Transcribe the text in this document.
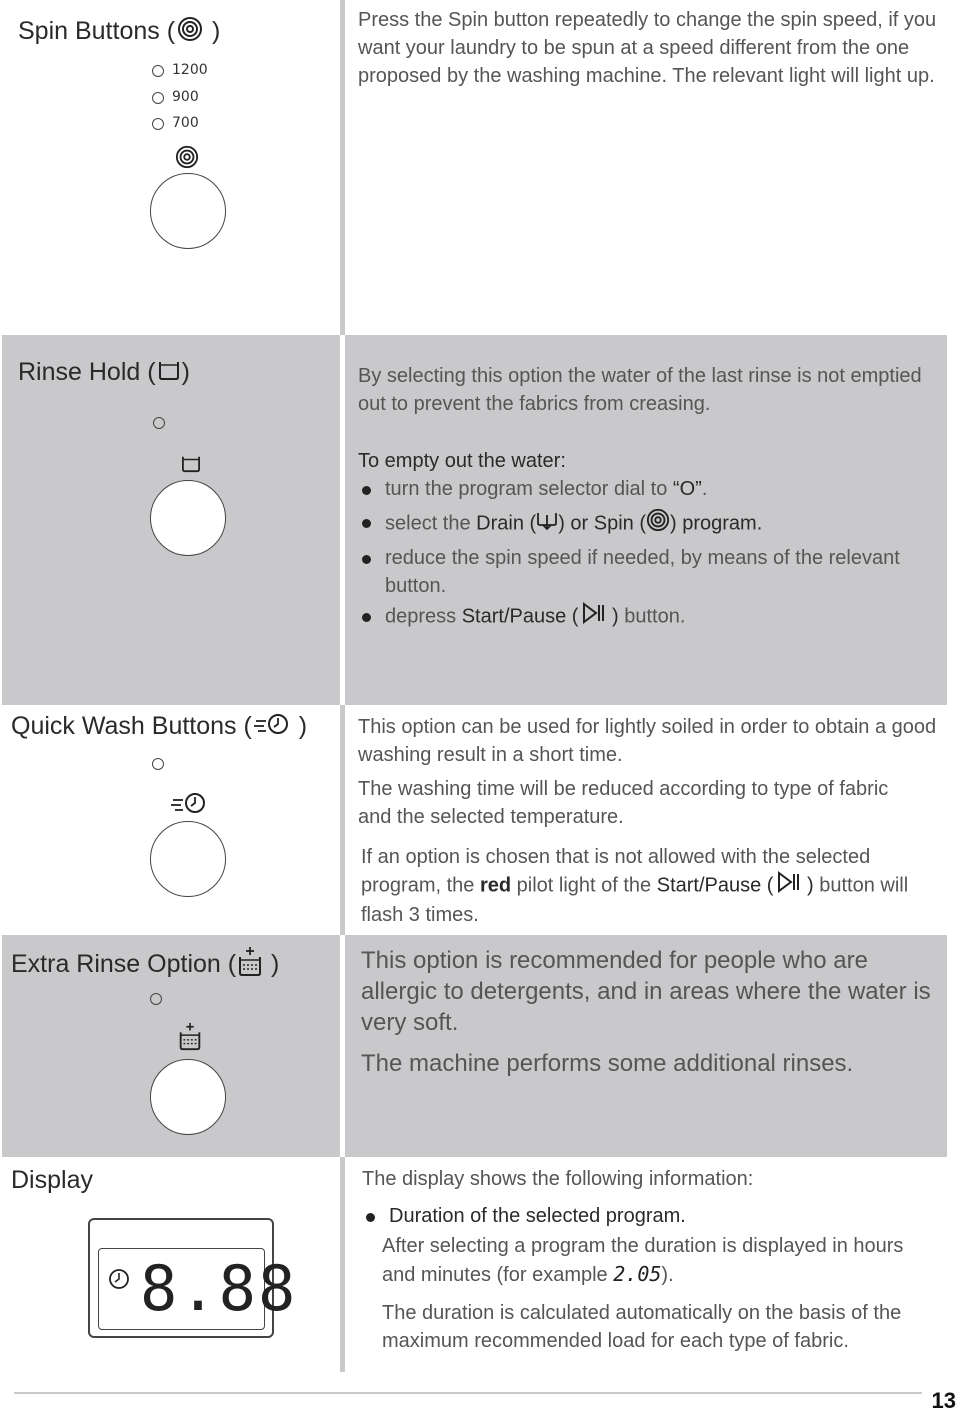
Spin Buttons ( )
1200
900
700
Press the Spin button repeatedly to change the spin speed, if you want your laundry to be spun at a speed different from the one proposed by the washing machine. The relevant light will light up.
Rinse Hold ( )	By selecting this option the water of the last rinse is not emptied out to prevent the fabrics from creasing.
To empty out the water:
turn the program selector dial to “O”.
select the Drain ( ) or Spin ( ) program.
reduce the spin speed if needed, by means of the relevant button.
depress Start/Pause ( ) button.
Quick Wash Buttons ( )	This option can be used for lightly soiled in order to obtain a good washing result in a short time.
The washing time will be reduced according to type of fabric and the selected temperature.
If an option is chosen that is not allowed with the selected program, the red pilot light of the Start/Pause ( ) button will flash 3 times.
Extra Rinse Option ( )	This option is recommended for people who are allergic to detergents, and in areas where the water is very soft.
The machine performs some additional rinses.
Display	The display shows the following information:
Duration of the selected program.
After selecting a program the duration is displayed in hours and minutes (for example 2.05).
The duration is calculated automatically on the basis of the maximum recommended load for each type of fabric.
8.88
13
